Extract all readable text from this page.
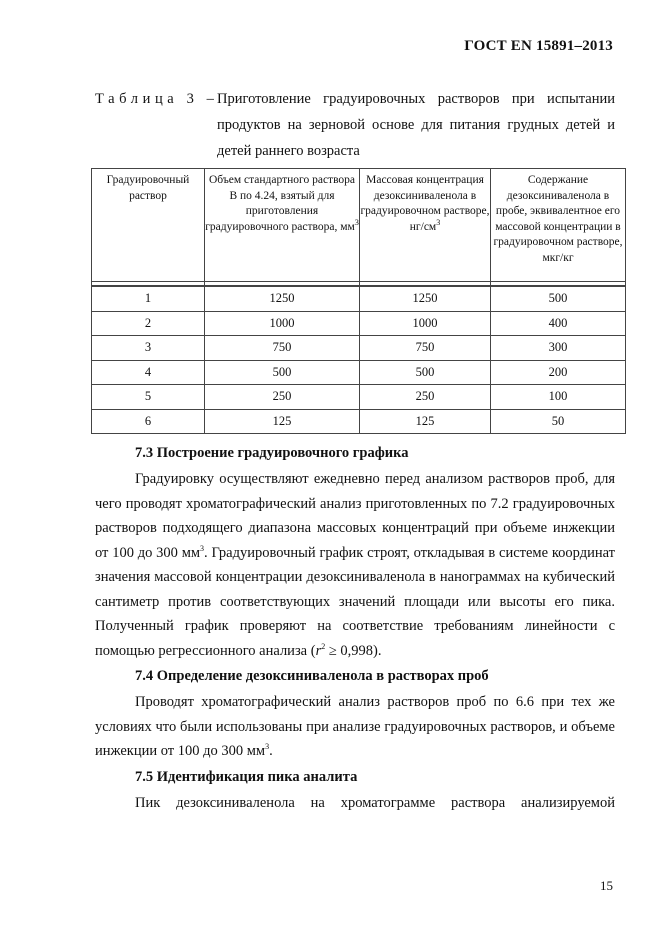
ГОСТ EN 15891–2013
Таблица 3 –
Приготовление градуировочных растворов при испытании продуктов на зерновой основе для питания грудных детей и детей раннего возраста
Градуировочный раствор	Объем стандартного раствора В по 4.24, взятый для приготовления градуировочного раствора, $мм^3$	Массовая концентрация дезоксиниваленола в градуировочном растворе, $нг/см^3$	Содержание дезоксиниваленола в пробе, эквивалентное его массовой концентрации в градуировочном растворе, мкг/кг

1	1250	1250	500
2	1000	1000	400
3	750	750	300
4	500	500	200
5	250	250	100
6	125	125	50
7.3 Построение градуировочного графика

Градуировку осуществляют ежедневно перед анализом растворов проб, для чего проводят хроматографический анализ приготовленных по 7.2 градуировочных растворов подходящего диапазона массовых концентраций при объеме инжекции от 100 до 300 $мм^3$. Градуировочный график строят, откладывая в системе координат значения массовой концентрации дезоксиниваленола в нанограммах на кубический сантиметр против соответствующих значений площади или высоты его пика. Полученный график проверяют на соответствие требованиям линейности с помощью регрессионного анализа $(r^2 \ge 0,998)$.

7.4 Определение дезоксиниваленола в растворах проб

Проводят хроматографический анализ растворов проб по 6.6 при тех же условиях что были использованы при анализе градуировочных растворов, и объеме инжекции от 100 до 300 $мм^3$.

7.5 Идентификация пика аналита

Пик дезоксиниваленола на хроматограмме раствора анализируемой

15
